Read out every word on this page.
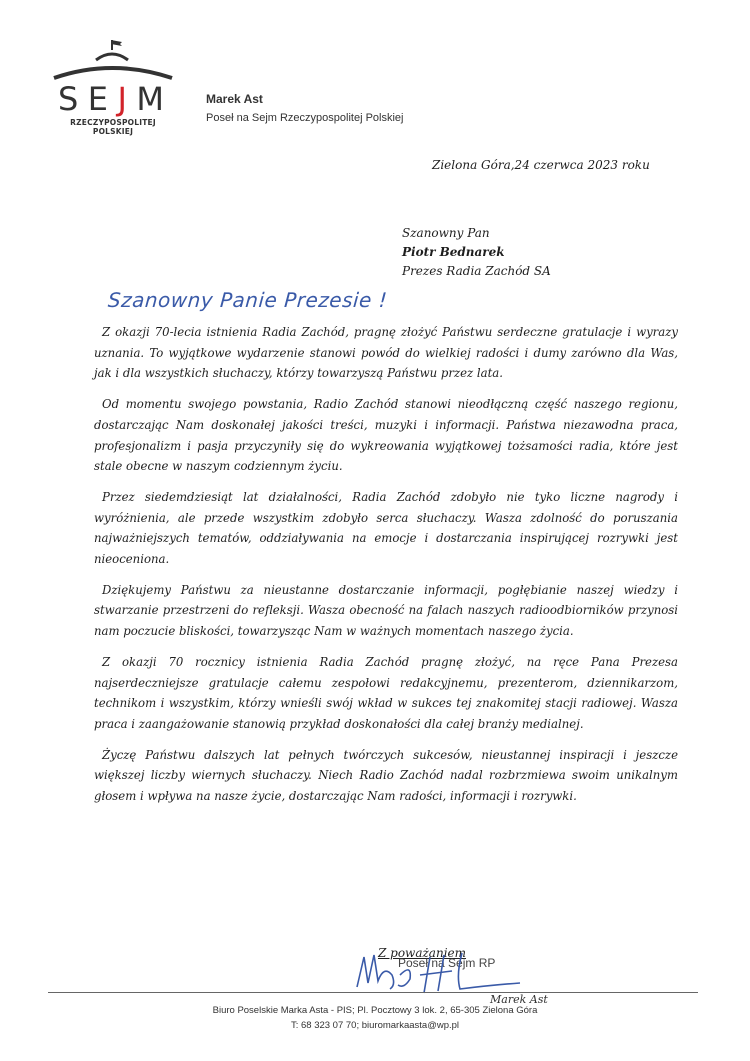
S E J M
RZECZYPOSPOLITEJ POLSKIEJ
Marek Ast
Poseł na Sejm Rzeczypospolitej Polskiej
Zielona Góra,24 czerwca 2023 roku
Szanowny Pan
Piotr Bednarek
Prezes Radia Zachód SA
Szanowny Panie Prezesie !

Z okazji 70-lecia istnienia Radia Zachód, pragnę złożyć Państwu serdeczne gratulacje i wyrazy uznania. To wyjątkowe wydarzenie stanowi powód do wielkiej radości i dumy zarówno dla Was, jak i dla wszystkich słuchaczy, którzy towarzyszą Państwu przez lata.

Od momentu swojego powstania, Radio Zachód stanowi nieodłączną część naszego regionu, dostarczając Nam doskonałej jakości treści, muzyki i informacji. Państwa niezawodna praca, profesjonalizm i pasja przyczyniły się do wykreowania wyjątkowej tożsamości radia, które jest stale obecne w naszym codziennym życiu.

Przez siedemdziesiąt lat działalności, Radia Zachód zdobyło nie tyko liczne nagrody i wyróżnienia, ale przede wszystkim zdobyło serca słuchaczy. Wasza zdolność do poruszania najważniejszych tematów, oddziaływania na emocje i dostarczania inspirującej rozrywki jest nieoceniona.

Dziękujemy Państwu za nieustanne dostarczanie informacji, pogłębianie naszej wiedzy i stwarzanie przestrzeni do refleksji. Wasza obecność na falach naszych radioodbiorników przynosi nam poczucie bliskości, towarzysząc Nam w ważnych momentach naszego życia.

Z okazji 70 rocznicy istnienia Radia Zachód pragnę złożyć, na ręce Pana Prezesa najserdeczniejsze gratulacje całemu zespołowi redakcyjnemu, prezenterom, dziennikarzom, technikom i wszystkim, którzy wnieśli swój wkład w sukces tej znakomitej stacji radiowej. Wasza praca i zaangażowanie stanowią przykład doskonałości dla całej branży medialnej.

Życzę Państwu dalszych lat pełnych twórczych sukcesów, nieustannej inspiracji i jeszcze większej liczby wiernych słuchaczy. Niech Radio Zachód nadal rozbrzmiewa swoim unikalnym głosem i wpływa na nasze życie, dostarczając Nam radości, informacji i rozrywki.

Z poważaniem
Poseł na Sejm RP
Marek Ast
Biuro Poselskie Marka Asta - PIS; Pl. Pocztowy 3 lok. 2, 65-305 Zielona Góra
T: 68 323 07 70; biuromarkaasta@wp.pl
